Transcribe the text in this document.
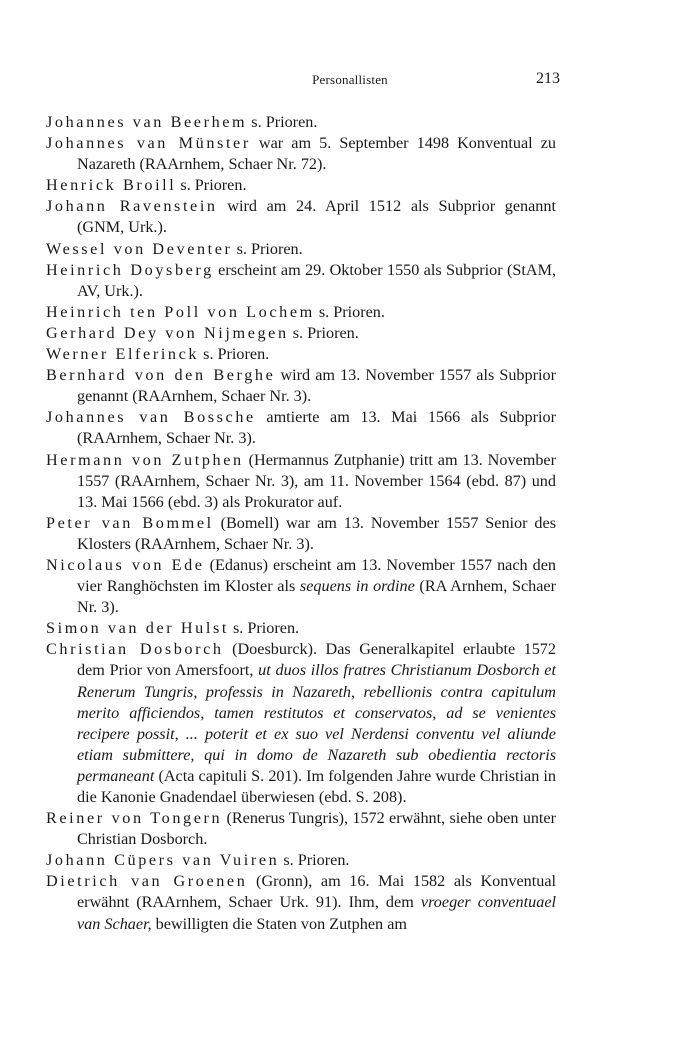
Personallisten	213

Johannes van Beerhem s. Prioren.

Johannes van Münster war am 5. September 1498 Konventual zu Nazareth (RAArnhem, Schaer Nr. 72).

Henrick Broill s. Prioren.

Johann Ravenstein wird am 24. April 1512 als Subprior genannt (GNM, Urk.).

Wessel von Deventer s. Prioren.

Heinrich Doysberg erscheint am 29. Oktober 1550 als Subprior (StAM, AV, Urk.).

Heinrich ten Poll von Lochem s. Prioren.

Gerhard Dey von Nijmegen s. Prioren.

Werner Elferinck s. Prioren.

Bernhard von den Berghe wird am 13. November 1557 als Subprior genannt (RAArnhem, Schaer Nr. 3).

Johannes van Bossche amtierte am 13. Mai 1566 als Subprior (RAArnhem, Schaer Nr. 3).

Hermann von Zutphen (Hermannus Zutphanie) tritt am 13. November 1557 (RAArnhem, Schaer Nr. 3), am 11. November 1564 (ebd. 87) und 13. Mai 1566 (ebd. 3) als Prokurator auf.

Peter van Bommel (Bomell) war am 13. November 1557 Senior des Klosters (RAArnhem, Schaer Nr. 3).

Nicolaus von Ede (Edanus) erscheint am 13. November 1557 nach den vier Ranghöchsten im Kloster als sequens in ordine (RA Arnhem, Schaer Nr. 3).

Simon van der Hulst s. Prioren.

Christian Dosborch (Doesburck). Das Generalkapitel erlaubte 1572 dem Prior von Amersfoort, ut duos illos fratres Christianum Dosborch et Renerum Tungris, professis in Nazareth, rebellionis contra capitulum merito afficiendos, tamen restitutos et conservatos, ad se venientes recipere possit, ... poterit et ex suo vel Nerdensi conventu vel aliunde etiam submittere, qui in domo de Nazareth sub obedientia rectoris permaneant (Acta capituli S. 201). Im folgenden Jahre wurde Christian in die Kanonie Gnadendael überwiesen (ebd. S. 208).

Reiner von Tongern (Renerus Tungris), 1572 erwähnt, siehe oben unter Christian Dosborch.

Johann Cüpers van Vuiren s. Prioren.

Dietrich van Groenen (Gronn), am 16. Mai 1582 als Konventual erwähnt (RAArnhem, Schaer Urk. 91). Ihm, dem vroeger conventuael van Schaer, bewilligten die Staten von Zutphen am
